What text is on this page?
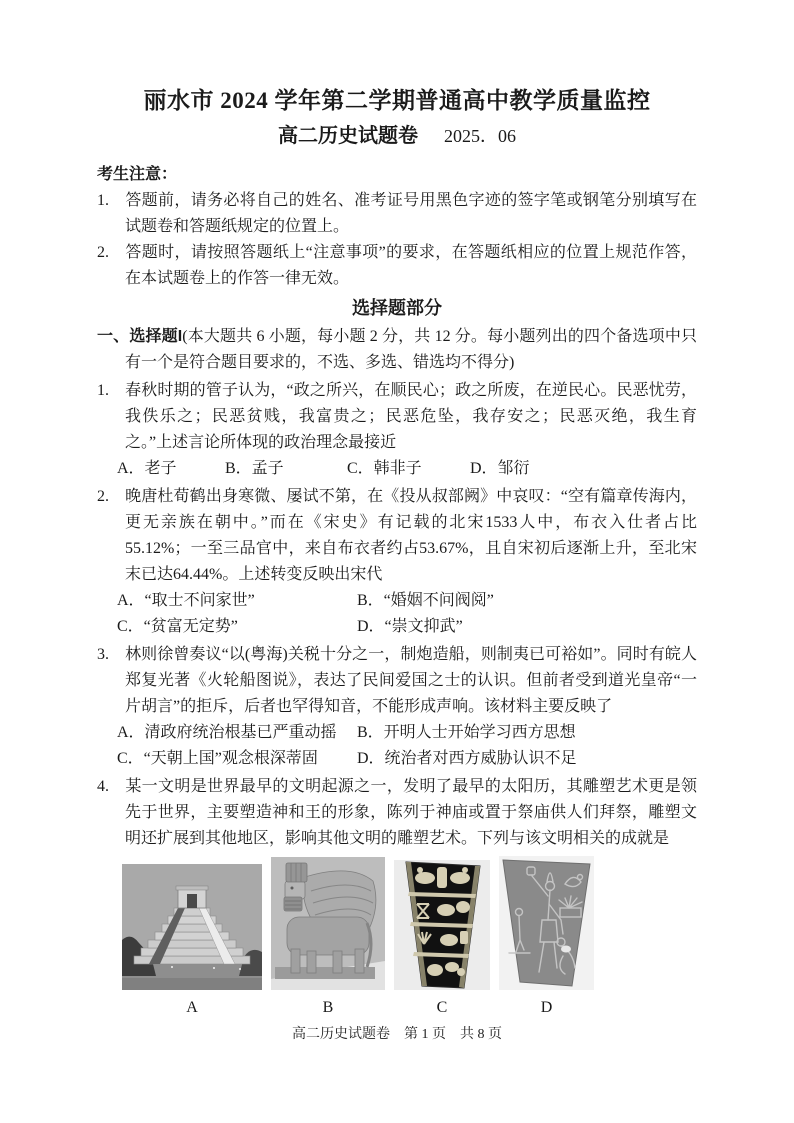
丽水市 2024 学年第二学期普通高中教学质量监控
高二历史试题卷 2025．06
考生注意：

1. 答题前，请务必将自己的姓名、准考证号用黑色字迹的签字笔或钢笔分别填写在试题卷和答题纸规定的位置上。

2. 答题时，请按照答题纸上“注意事项”的要求，在答题纸相应的位置上规范作答，在本试题卷上的作答一律无效。

选择题部分

一、选择题I(本大题共 6 小题，每小题 2 分，共 12 分。每小题列出的四个备选项中只有一个是符合题目要求的，不选、多选、错选均不得分)

1. 春秋时期的管子认为，“政之所兴，在顺民心；政之所废，在逆民心。民恶忧劳，我佚乐之；民恶贫贱，我富贵之；民恶危坠，我存安之；民恶灭绝，我生育之。”上述言论所体现的政治理念最接近

A．老子	B．孟子	C．韩非子	D．邹衍

2. 晚唐杜荀鹤出身寒微、屡试不第，在《投从叔部阙》中哀叹：“空有篇章传海内，更无亲族在朝中。”而在《宋史》有记载的北宋1533人中，布衣入仕者占比55.12%；一至三品官中，来自布衣者约占53.67%，且自宋初后逐渐上升，至北宋末已达64.44%。上述转变反映出宋代

A．“取士不问家世”	B．“婚姻不问阀阅”
C．“贫富无定势”	D．“崇文抑武”

3. 林则徐曾奏议“以(粤海)关税十分之一，制炮造船，则制夷已可裕如”。同时有皖人郑复光著《火轮船图说》，表达了民间爱国之士的认识。但前者受到道光皇帝“一片胡言”的拒斥，后者也罕得知音，不能形成声响。该材料主要反映了

A．清政府统治根基已严重动摇	B．开明人士开始学习西方思想
C．“天朝上国”观念根深蒂固	D．统治者对西方威胁认识不足

4. 某一文明是世界最早的文明起源之一，发明了最早的太阳历，其雕塑艺术更是领先于世界，主要塑造神和王的形象，陈列于神庙或置于祭庙供人们拜祭，雕塑文明还扩展到其他地区，影响其他文明的雕塑艺术。下列与该文明相关的成就是

A	B	C	D
高二历史试题卷　第 1 页　共 8 页
